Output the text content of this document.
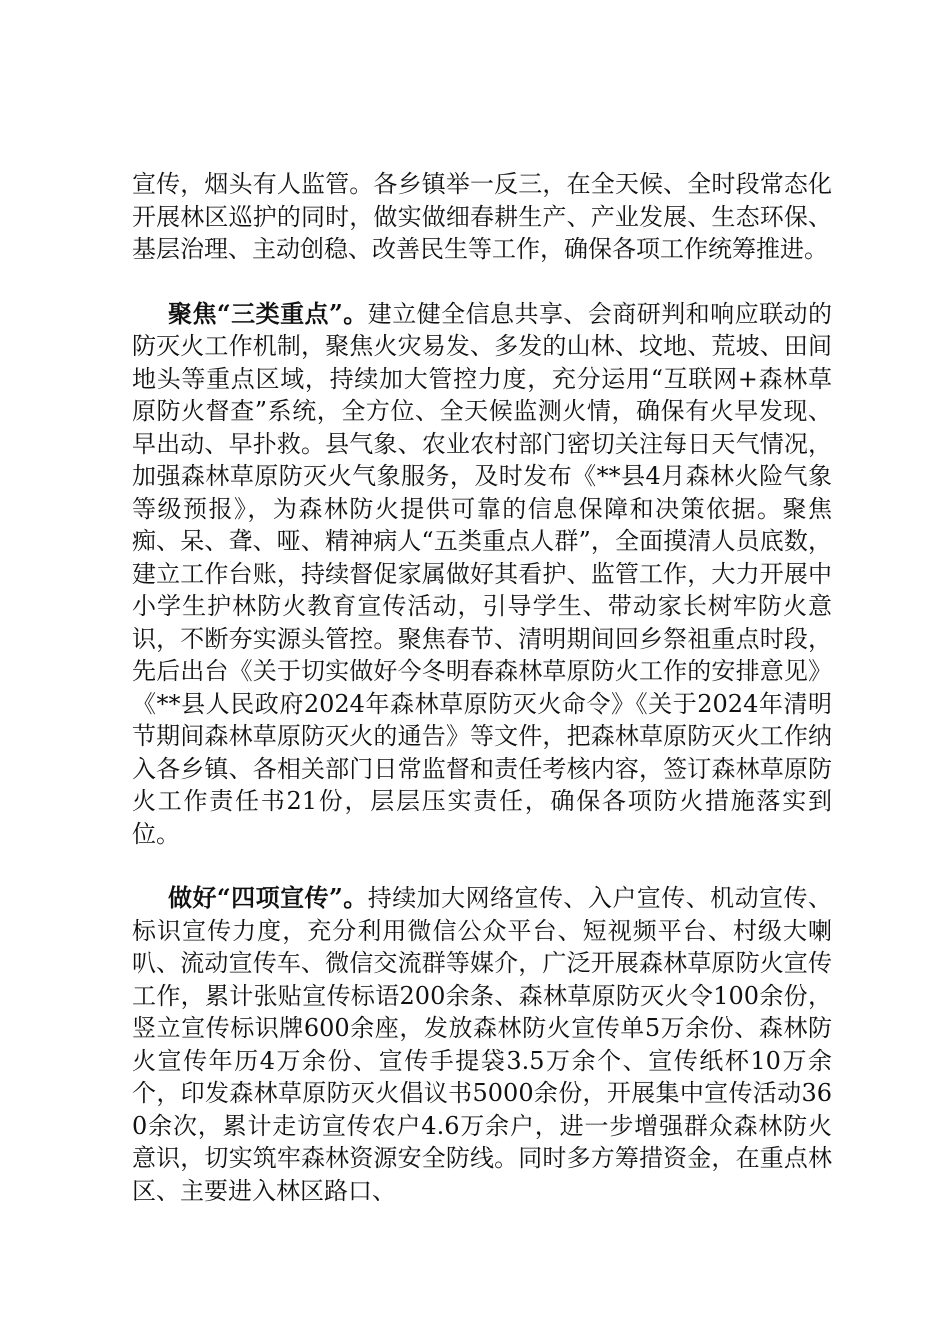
宣传，烟头有人监管。各乡镇举一反三，在全天候、全时段常态化开展林区巡护的同时，做实做细春耕生产、产业发展、生态环保、基层治理、主动创稳、改善民生等工作，确保各项工作统筹推进。

聚焦“三类重点”。建立健全信息共享、会商研判和响应联动的防灭火工作机制，聚焦火灾易发、多发的山林、坟地、荒坡、田间地头等重点区域，持续加大管控力度，充分运用“互联网+森林草原防火督查”系统，全方位、全天候监测火情，确保有火早发现、早出动、早扑救。县气象、农业农村部门密切关注每日天气情况，加强森林草原防灭火气象服务，及时发布《**县4月森林火险气象等级预报》，为森林防火提供可靠的信息保障和决策依据。聚焦痴、呆、聋、哑、精神病人“五类重点人群”，全面摸清人员底数，建立工作台账，持续督促家属做好其看护、监管工作，大力开展中小学生护林防火教育宣传活动，引导学生、带动家长树牢防火意识，不断夯实源头管控。聚焦春节、清明期间回乡祭祖重点时段，先后出台《关于切实做好今冬明春森林草原防火工作的安排意见》《**县人民政府2024年森林草原防灭火命令》《关于2024年清明节期间森林草原防灭火的通告》等文件，把森林草原防灭火工作纳入各乡镇、各相关部门日常监督和责任考核内容，签订森林草原防火工作责任书21份，层层压实责任，确保各项防火措施落实到位。

做好“四项宣传”。持续加大网络宣传、入户宣传、机动宣传、标识宣传力度，充分利用微信公众平台、短视频平台、村级大喇叭、流动宣传车、微信交流群等媒介，广泛开展森林草原防火宣传工作，累计张贴宣传标语200余条、森林草原防灭火令100余份，竖立宣传标识牌600余座，发放森林防火宣传单5万余份、森林防火宣传年历4万余份、宣传手提袋3.5万余个、宣传纸杯10万余个，印发森林草原防灭火倡议书5000余份，开展集中宣传活动360余次，累计走访宣传农户4.6万余户，进一步增强群众森林防火意识，切实筑牢森林资源安全防线。同时多方筹措资金，在重点林区、主要进入林区路口、
